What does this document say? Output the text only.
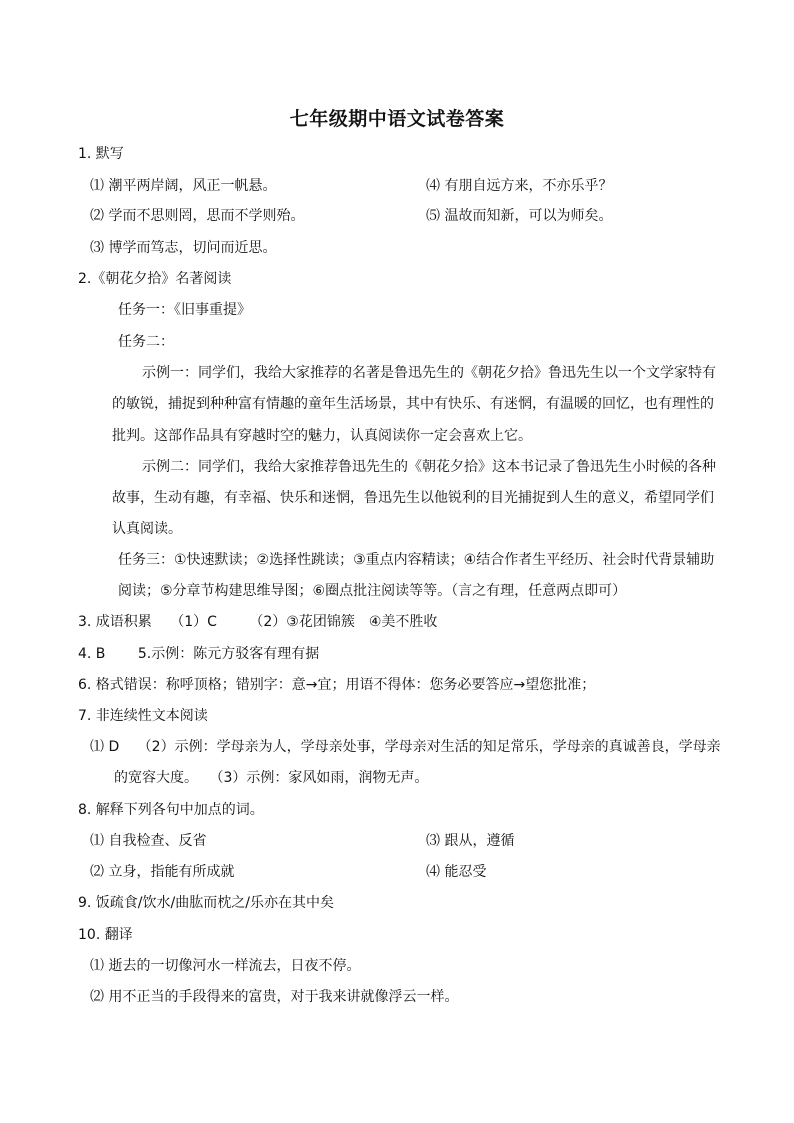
七年级期中语文试卷答案
1. 默写
⑴ 潮平两岸阔，风正一帆悬。	⑷ 有朋自远方来，不亦乐乎？
⑵ 学而不思则罔，思而不学则殆。	⑸ 温故而知新，可以为师矣。
⑶ 博学而笃志，切问而近思。
2.《朝花夕拾》名著阅读
任务一：《旧事重提》
任务二：
示例一：同学们，我给大家推荐的名著是鲁迅先生的《朝花夕拾》鲁迅先生以一个文学家特有
的敏锐，捕捉到种种富有情趣的童年生活场景，其中有快乐、有迷惘，有温暖的回忆，也有理性的
批判。这部作品具有穿越时空的魅力，认真阅读你一定会喜欢上它。
示例二：同学们，我给大家推荐鲁迅先生的《朝花夕拾》这本书记录了鲁迅先生小时候的各种
故事，生动有趣，有幸福、快乐和迷惘，鲁迅先生以他锐利的目光捕捉到人生的意义，希望同学们
认真阅读。
任务三：①快速默读；②选择性跳读；③重点内容精读；④结合作者生平经历、社会时代背景辅助
阅读；⑤分章节构建思维导图；⑥圈点批注阅读等等。（言之有理，任意两点即可）
3. 成语积累　 （1）C　　 （2）③花团锦簇　④美不胜收
4. B　　 5.示例：陈元方驳客有理有据
6. 格式错误：称呼顶格；错别字：意→宜；用语不得体：您务必要答应→望您批准；
7. 非连续性文本阅读
⑴ D　 （2）示例：学母亲为人，学母亲处事，学母亲对生活的知足常乐，学母亲的真诚善良，学母亲
的宽容大度。　 （3）示例：家风如雨，润物无声。
8. 解释下列各句中加点的词。
⑴ 自我检查、反省	⑶ 跟从，遵循
⑵ 立身，指能有所成就	⑷ 能忍受
9. 饭疏食/饮水/曲肱而枕之/乐亦在其中矣
10. 翻译
⑴ 逝去的一切像河水一样流去，日夜不停。
⑵ 用不正当的手段得来的富贵，对于我来讲就像浮云一样。
